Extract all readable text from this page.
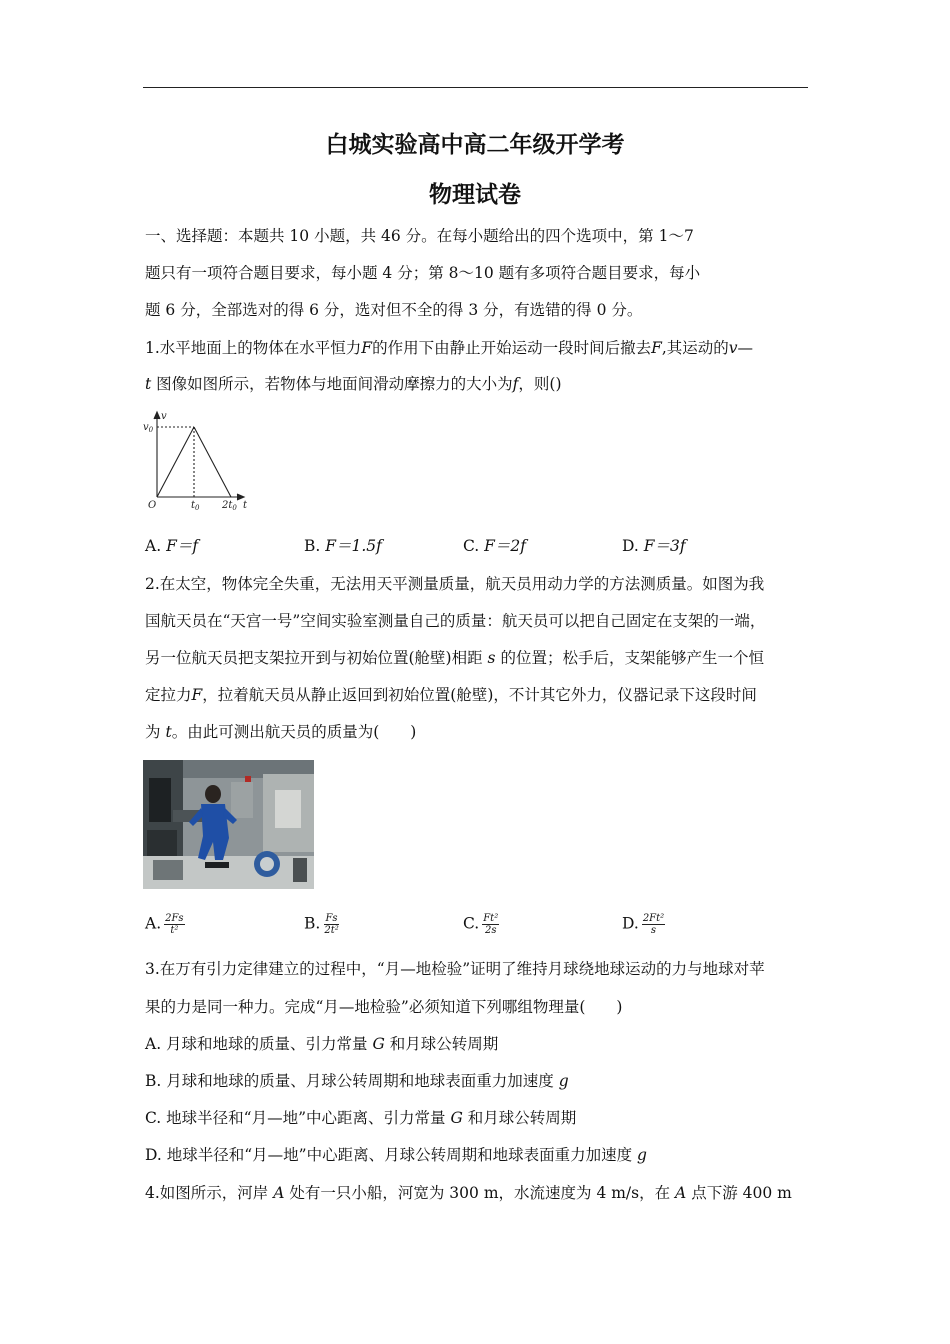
白城实验高中高二年级开学考
物理试卷
一、选择题：本题共 10 小题，共 46 分。在每小题给出的四个选项中，第 1～7
题只有一项符合题目要求，每小题 4 分；第 8～10 题有多项符合题目要求，每小
题 6 分，全部选对的得 6 分，选对但不全的得 3 分，有选错的得 0 分。
1.水平地面上的物体在水平恒力F的作用下由静止开始运动一段时间后撤去F,其运动的v—
t 图像如图所示，若物体与地面间滑动摩擦力的大小为f，则()
v
$v_0$
O	$t_0$ $2t_0$ t
A. F＝f	B. F＝1.5f	C. F＝2f	D. F＝3f
2.在太空，物体完全失重，无法用天平测量质量，航天员用动力学的方法测质量。如图为我
国航天员在“天宫一号”空间实验室测量自己的质量：航天员可以把自己固定在支架的一端，
另一位航天员把支架拉开到与初始位置(舱壁)相距 s 的位置；松手后，支架能够产生一个恒
定拉力F，拉着航天员从静止返回到初始位置(舱壁)，不计其它外力，仪器记录下这段时间
为 t。由此可测出航天员的质量为(　　)
A. $\frac{2Fs}{\text{t²}}$	B. $\frac{Fs}{\text{2t²}}$	C. $\frac{\text{Ft²}}{2s}$	D. $\frac{\text{2Ft²}}{s}$
3.在万有引力定律建立的过程中，“月—地检验”证明了维持月球绕地球运动的力与地球对苹
果的力是同一种力。完成“月—地检验”必须知道下列哪组物理量(　　)
A. 月球和地球的质量、引力常量 G 和月球公转周期
B. 月球和地球的质量、月球公转周期和地球表面重力加速度 g
C. 地球半径和“月—地”中心距离、引力常量 G 和月球公转周期
D. 地球半径和“月—地”中心距离、月球公转周期和地球表面重力加速度 g
4.如图所示，河岸 A 处有一只小船，河宽为 300 m，水流速度为 4 m/s，在 A 点下游 400 m
